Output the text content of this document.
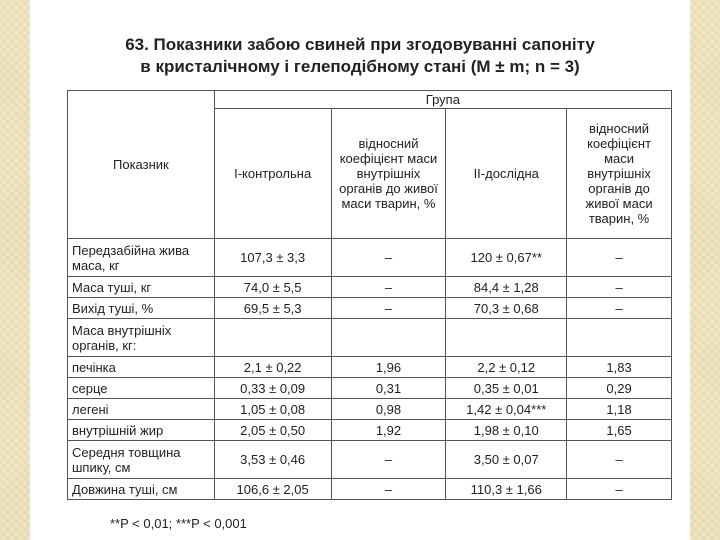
63. Показники забою свиней при згодовуванні сапоніту
в кристалічному і гелеподібному стані (M ± m; n = 3)
Показник	Група			
	I-контрольна	відносний коефіцієнт маси внутрішніх органів до живої маси тварин, %	II-дослідна	відносний коефіцієнт маси внутрішніх органів до живої маси тварин, %
Передзабійна жива маса, кг	107,3 ± 3,3	–	120 ± 0,67**	–
Маса туші, кг	74,0 ± 5,5	–	84,4 ± 1,28	–
Вихід туші, %	69,5 ± 5,3	–	70,3 ± 0,68	–
Маса внутрішніх органів, кг:				
печінка	2,1 ± 0,22	1,96	2,2 ± 0,12	1,83
серце	0,33 ± 0,09	0,31	0,35 ± 0,01	0,29
легені	1,05 ± 0,08	0,98	1,42 ± 0,04***	1,18
внутрішній жир	2,05 ± 0,50	1,92	1,98 ± 0,10	1,65
Середня товщина шпику, см	3,53 ± 0,46	–	3,50 ± 0,07	–
Довжина туші, см	106,6 ± 2,05	–	110,3 ± 1,66	–
**P < 0,01; ***P < 0,001
